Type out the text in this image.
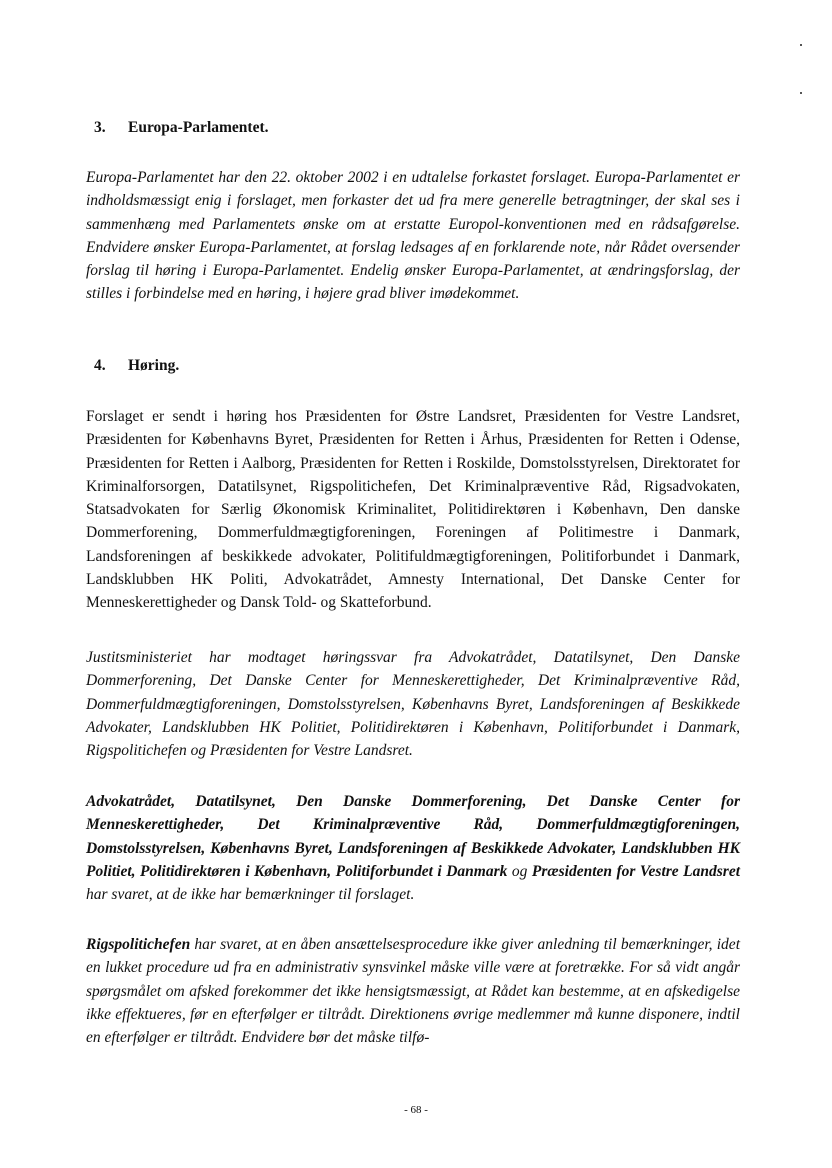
3. Europa-Parlamentet.

Europa-Parlamentet har den 22. oktober 2002 i en udtalelse forkastet forslaget. Europa-Parlamentet er indholdsmæssigt enig i forslaget, men forkaster det ud fra mere generelle betragtninger, der skal ses i sammenhæng med Parlamentets ønske om at erstatte Europol-konventionen med en rådsafgørelse. Endvidere ønsker Europa-Parlamentet, at forslag ledsages af en forklarende note, når Rådet oversender forslag til høring i Europa-Parlamentet. Endelig ønsker Europa-Parlamentet, at ændringsforslag, der stilles i forbindelse med en høring, i højere grad bliver imødekommet.

4. Høring.

Forslaget er sendt i høring hos Præsidenten for Østre Landsret, Præsidenten for Vestre Landsret, Præsidenten for Københavns Byret, Præsidenten for Retten i Århus, Præsidenten for Retten i Odense, Præsidenten for Retten i Aalborg, Præsidenten for Retten i Roskilde, Domstolsstyrelsen, Direktoratet for Kriminalforsorgen, Datatilsynet, Rigspolitichefen, Det Kriminalpræventive Råd, Rigsadvokaten, Statsadvokaten for Særlig Økonomisk Kriminalitet, Politidirektøren i København, Den danske Dommerforening, Dommerfuldmægtigforeningen, Foreningen af Politimestre i Danmark, Landsforeningen af beskikkede advokater, Politifuldmægtigforeningen, Politiforbundet i Danmark, Landsklubben HK Politi, Advokatrådet, Amnesty International, Det Danske Center for Menneskerettigheder og Dansk Told- og Skatteforbund.

Justitsministeriet har modtaget høringssvar fra Advokatrådet, Datatilsynet, Den Danske Dommerforening, Det Danske Center for Menneskerettigheder, Det Kriminalpræventive Råd, Dommerfuldmægtigforeningen, Domstolsstyrelsen, Københavns Byret, Landsforeningen af Beskikkede Advokater, Landsklubben HK Politiet, Politidirektøren i København, Politiforbundet i Danmark, Rigspolitichefen og Præsidenten for Vestre Landsret.

Advokatrådet, Datatilsynet, Den Danske Dommerforening, Det Danske Center for Menneskerettigheder, Det Kriminalpræventive Råd, Dommerfuldmægtigforeningen, Domstolsstyrelsen, Københavns Byret, Landsforeningen af Beskikkede Advokater, Landsklubben HK Politiet, Politidirektøren i København, Politiforbundet i Danmark og Præsidenten for Vestre Landsret har svaret, at de ikke har bemærkninger til forslaget.

Rigspolitichefen har svaret, at en åben ansættelsesprocedure ikke giver anledning til bemærkninger, idet en lukket procedure ud fra en administrativ synsvinkel måske ville være at foretrække. For så vidt angår spørgsmålet om afsked forekommer det ikke hensigtsmæssigt, at Rådet kan bestemme, at en afskedigelse ikke effektueres, før en efterfølger er tiltrådt. Direktionens øvrige medlemmer må kunne disponere, indtil en efterfølger er tiltrådt. Endvidere bør det måske tilfø-

- 68 -
